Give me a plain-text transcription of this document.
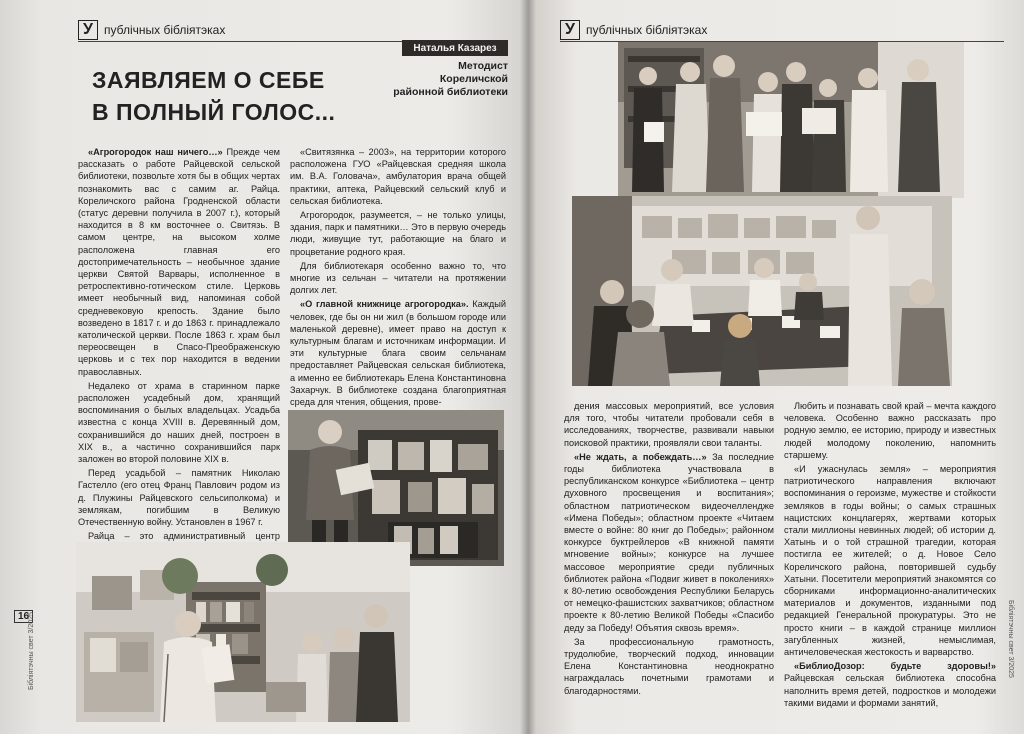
У публічных бібліятэках
Наталья Казарез
Методист
Кореличской
районной библиотеки
ЗАЯВЛЯЕМ О СЕБЕ
В ПОЛНЫЙ ГОЛОС...

«Агрогородок наш ничего…» Прежде чем рассказать о работе Райцевской сельской библиотеки, позвольте хотя бы в общих чертах познакомить вас с самим аг. Райца. Кореличского района Гродненской области (статус деревни получила в 2007 г.), который находится в 8 км восточнее о. Свитязь. В самом центре, на высоком холме расположена главная его достопримечательность – необычное здание церкви Святой Варвары, исполненное в ретроспективно-готическом стиле. Церковь имеет необычный вид, напоминая собой средневековую крепость. Здание было возведено в 1817 г. и до 1863 г. принадлежало католической церкви. После 1863 г. храм был переосвещен в Спасо-Преображенскую церковь и с тех пор находится в ведении православных.

Недалеко от храма в старинном парке расположен усадебный дом, хранящий воспоминания о былых владельцах. Усадьба известна с конца XVIII в. Деревянный дом, сохранившийся до наших дней, построен в XIX в., а частично сохранившийся парк заложен во второй половине XIX в.

Перед усадьбой – памятник Николаю Гастелло (его отец Франц Павлович родом из д. Плужины Райцевского сельсиполкома) и землякам, погибшим в Великую Отечественную войну. Установлен в 1967 г.

Райца – это административный центр

«Свитязянка – 2003», на территории которого расположена ГУО «Райцевская средняя школа им. В.А. Головача», амбулатория врача общей практики, аптека, Райцевский сельский клуб и сельская библиотека.

Агрогородок, разумеется, – не только улицы, здания, парк и памятники… Это в первую очередь люди, живущие тут, работающие на благо и процветание родного края.

Для библиотекаря особенно важно то, что многие из сельчан – читатели на протяжении долгих лет.

«О главной книжнице агрогородка». Каждый человек, где бы он ни жил (в большом городе или маленькой деревне), имеет право на доступ к культурным благам и источникам информации. И эти культурные блага своим сельчанам предоставляет Райцевская сельская библиотека, а именно ее библиотекарь Елена Константиновна Захарчук. В библиотеке создана благоприятная среда для чтения, общения, прове-

16
Бібліятэчны свет 3/2025
У публічных бібліятэках

дения массовых мероприятий, все условия для того, чтобы читатели пробовали себя в исследованиях, творчестве, развивали навыки поисковой практики, проявляли свои таланты.

«Не ждать, а побеждать…» За последние годы библиотека участвовала в республиканском конкурсе «Библиотека – центр духовного просвещения и воспитания»; областном патриотическом видеочеллендже «Имена Победы»; областном проекте «Читаем вместе о войне: 80 книг до Победы»; районном конкурсе буктрейлеров «В книжной памяти мгновение войны»; конкурсе на лучшее массовое мероприятие среди публичных библиотек района «Подвиг живет в поколениях» к 80-летию освобождения Республики Беларусь от немецко-фашистских захватчиков; областном проекте к 80-летию Великой Победы «Спасибо деду за Победу! Объятия сквозь время».

За профессиональную грамотность, трудолюбие, творческий подход, инновации Елена Константиновна неоднократно награждалась почетными грамотами и благодарностями.

Любить и познавать свой край – мечта каждого человека. Особенно важно рассказать про родную землю, ее историю, природу и известных людей молодому поколению, напомнить старшему.

«И ужаснулась земля» – мероприятия патриотического направления включают воспоминания о героизме, мужестве и стойкости земляков в годы войны; о самых страшных нацистских концлагерях, жертвами которых стали миллионы невинных людей; об истории д. Хатынь и о той страшной трагедии, которая постигла ее жителей; о д. Новое Село Кореличского района, повторившей судьбу Хатыни. Посетители мероприятий знакомятся со сборниками информационно-аналитических материалов и документов, изданными под редакцией Генеральной прокуратуры. Это не просто книги – в каждой странице миллион загубленных жизней, немыслимая, античеловеческая жестокость и варварство.

«БиблиоДозор: будьте здоровы!» Райцевская сельская библиотека способна наполнить время детей, подростков и молодежи такими видами и формами занятий,

Бібліятэчны свет 3/2025
